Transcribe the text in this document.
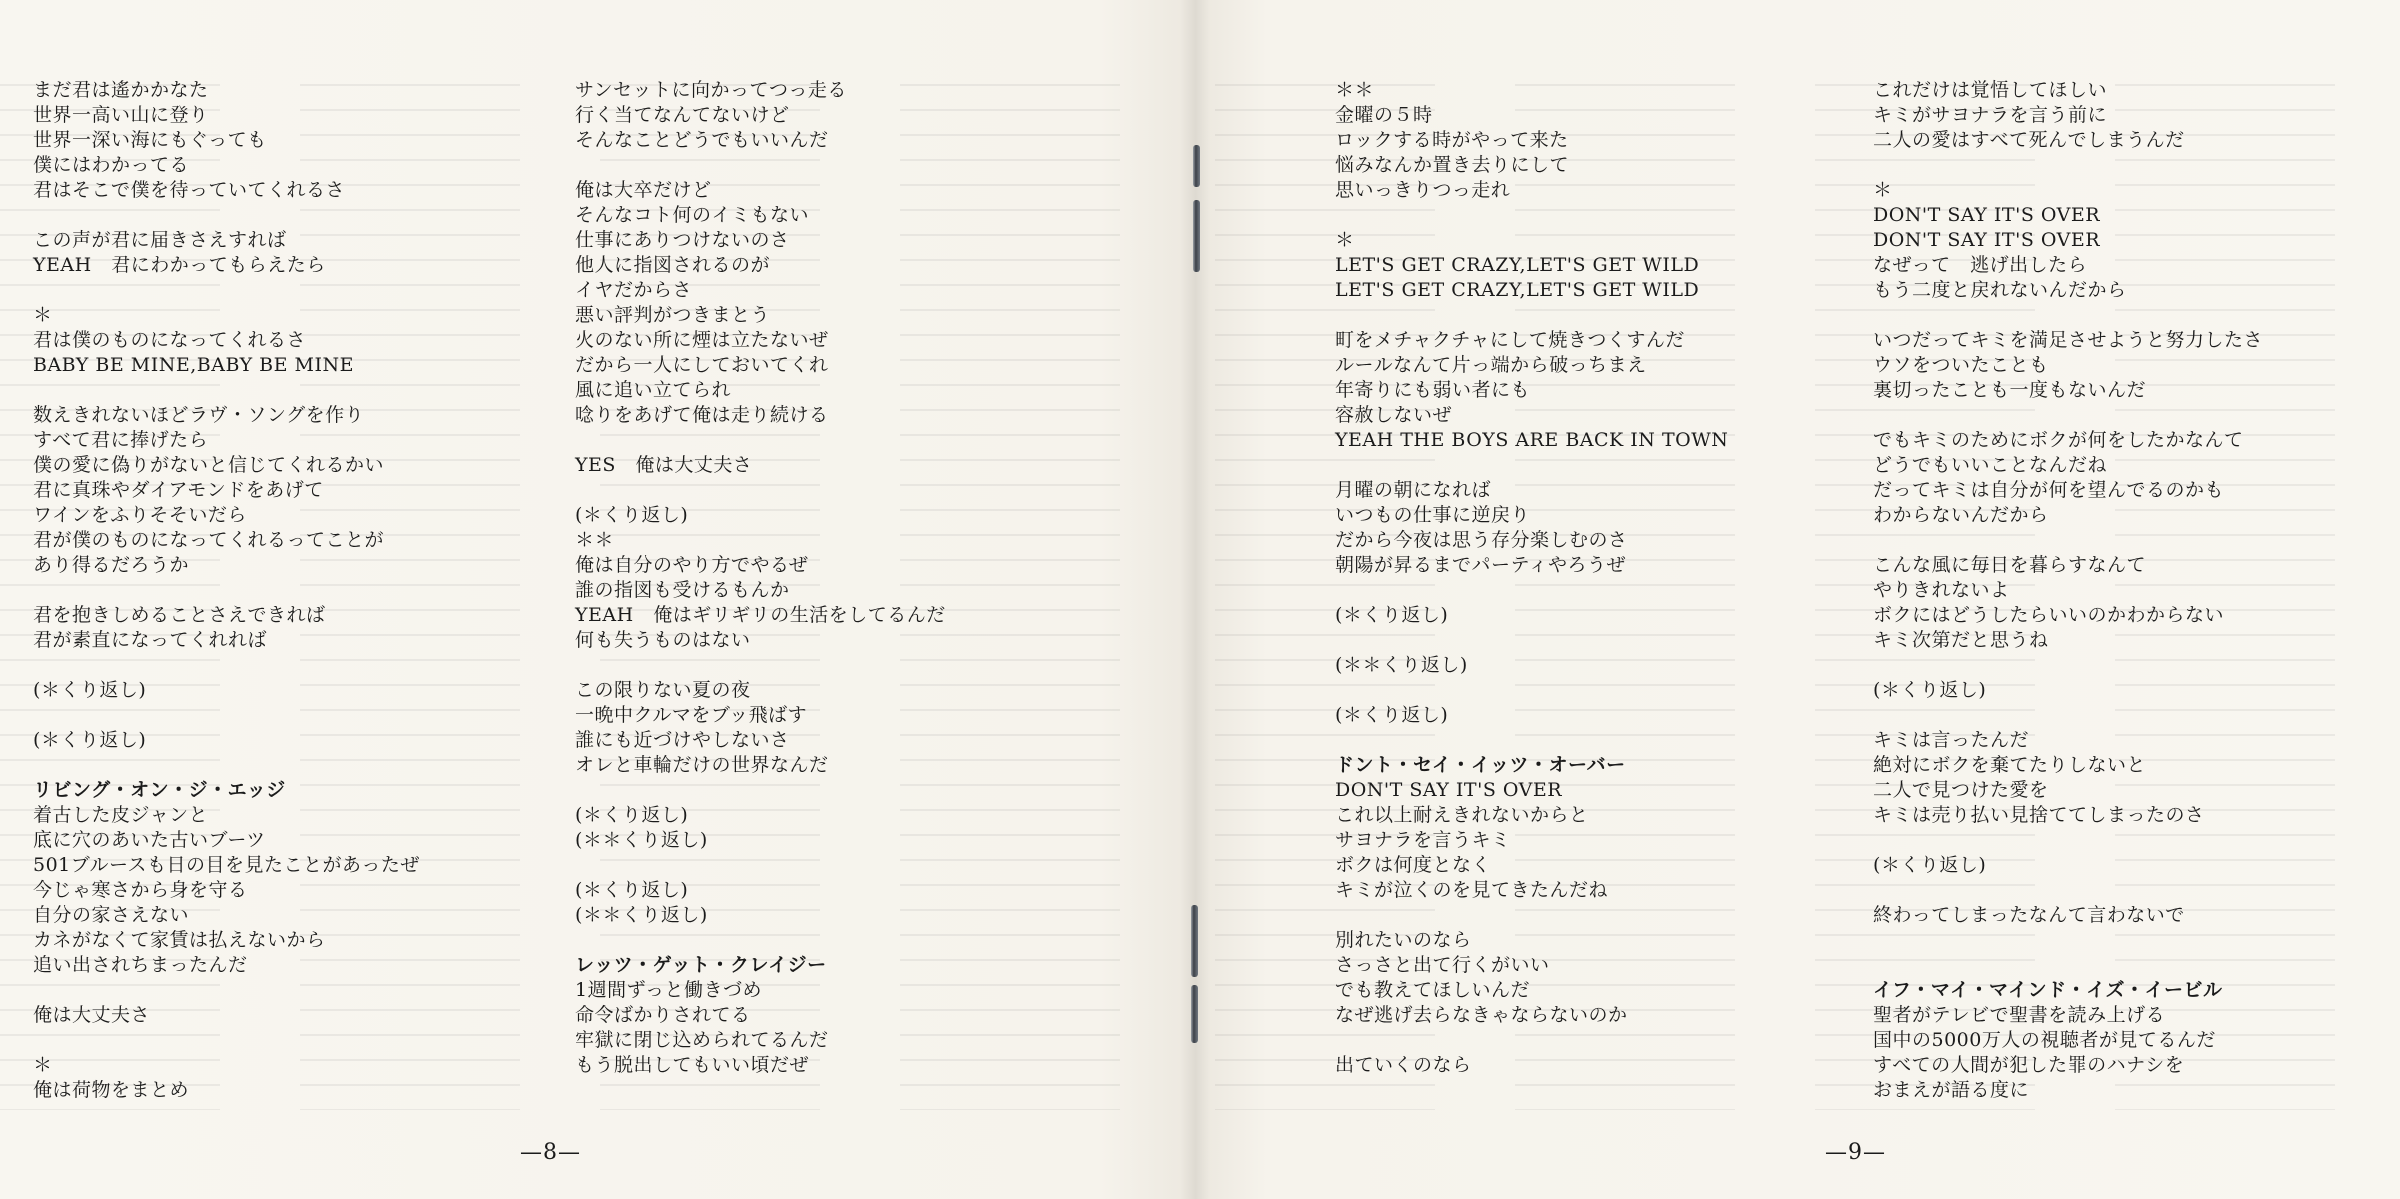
まだ君は遙かかなた
世界一高い山に登り
世界一深い海にもぐっても
僕にはわかってる
君はそこで僕を待っていてくれるさ
この声が君に届きさえすれば
YEAH　君にわかってもらえたら
＊
君は僕のものになってくれるさ
BABY BE MINE,BABY BE MINE
数えきれないほどラヴ・ソングを作り
すべて君に捧げたら
僕の愛に偽りがないと信じてくれるかい
君に真珠やダイアモンドをあげて
ワインをふりそそいだら
君が僕のものになってくれるってことが
あり得るだろうか
君を抱きしめることさえできれば
君が素直になってくれれば
(＊くり返し)
(＊くり返し)
リビング・オン・ジ・エッジ
着古した皮ジャンと
底に穴のあいた古いブーツ
501ブルースも日の目を見たことがあったぜ
今じゃ寒さから身を守る
自分の家さえない
カネがなくて家賃は払えないから
追い出されちまったんだ
俺は大丈夫さ
＊
俺は荷物をまとめ
サンセットに向かってつっ走る
行く当てなんてないけど
そんなことどうでもいいんだ
俺は大卒だけど
そんなコト何のイミもない
仕事にありつけないのさ
他人に指図されるのが
イヤだからさ
悪い評判がつきまとう
火のない所に煙は立たないぜ
だから一人にしておいてくれ
風に追い立てられ
唸りをあげて俺は走り続ける
YES　俺は大丈夫さ
(＊くり返し)
＊＊
俺は自分のやり方でやるぜ
誰の指図も受けるもんか
YEAH　俺はギリギリの生活をしてるんだ
何も失うものはない
この限りない夏の夜
一晩中クルマをブッ飛ばす
誰にも近づけやしないさ
オレと車輪だけの世界なんだ
(＊くり返し)
(＊＊くり返し)
(＊くり返し)
(＊＊くり返し)
レッツ・ゲット・クレイジー
1週間ずっと働きづめ
命令ばかりされてる
牢獄に閉じ込められてるんだ
もう脱出してもいい頃だぜ
—8—
＊＊
金曜の５時
ロックする時がやって来た
悩みなんか置き去りにして
思いっきりつっ走れ
＊
LET'S GET CRAZY,LET'S GET WILD
LET'S GET CRAZY,LET'S GET WILD
町をメチャクチャにして焼きつくすんだ
ルールなんて片っ端から破っちまえ
年寄りにも弱い者にも
容赦しないぜ
YEAH THE BOYS ARE BACK IN TOWN
月曜の朝になれば
いつもの仕事に逆戻り
だから今夜は思う存分楽しむのさ
朝陽が昇るまでパーティやろうぜ
(＊くり返し)
(＊＊くり返し)
(＊くり返し)
ドント・セイ・イッツ・オーバー
DON'T SAY IT'S OVER
これ以上耐えきれないからと
サヨナラを言うキミ
ボクは何度となく
キミが泣くのを見てきたんだね
別れたいのなら
さっさと出て行くがいい
でも教えてほしいんだ
なぜ逃げ去らなきゃならないのか
出ていくのなら
これだけは覚悟してほしい
キミがサヨナラを言う前に
二人の愛はすべて死んでしまうんだ
＊
DON'T SAY IT'S OVER
DON'T SAY IT'S OVER
なぜって　逃げ出したら
もう二度と戻れないんだから
いつだってキミを満足させようと努力したさ
ウソをついたことも
裏切ったことも一度もないんだ
でもキミのためにボクが何をしたかなんて
どうでもいいことなんだね
だってキミは自分が何を望んでるのかも
わからないんだから
こんな風に毎日を暮らすなんて
やりきれないよ
ボクにはどうしたらいいのかわからない
キミ次第だと思うね
(＊くり返し)
キミは言ったんだ
絶対にボクを棄てたりしないと
二人で見つけた愛を
キミは売り払い見捨ててしまったのさ
(＊くり返し)
終わってしまったなんて言わないで
イフ・マイ・マインド・イズ・イービル
聖者がテレビで聖書を読み上げる
国中の5000万人の視聴者が見てるんだ
すべての人間が犯した罪のハナシを
おまえが語る度に
—9—
